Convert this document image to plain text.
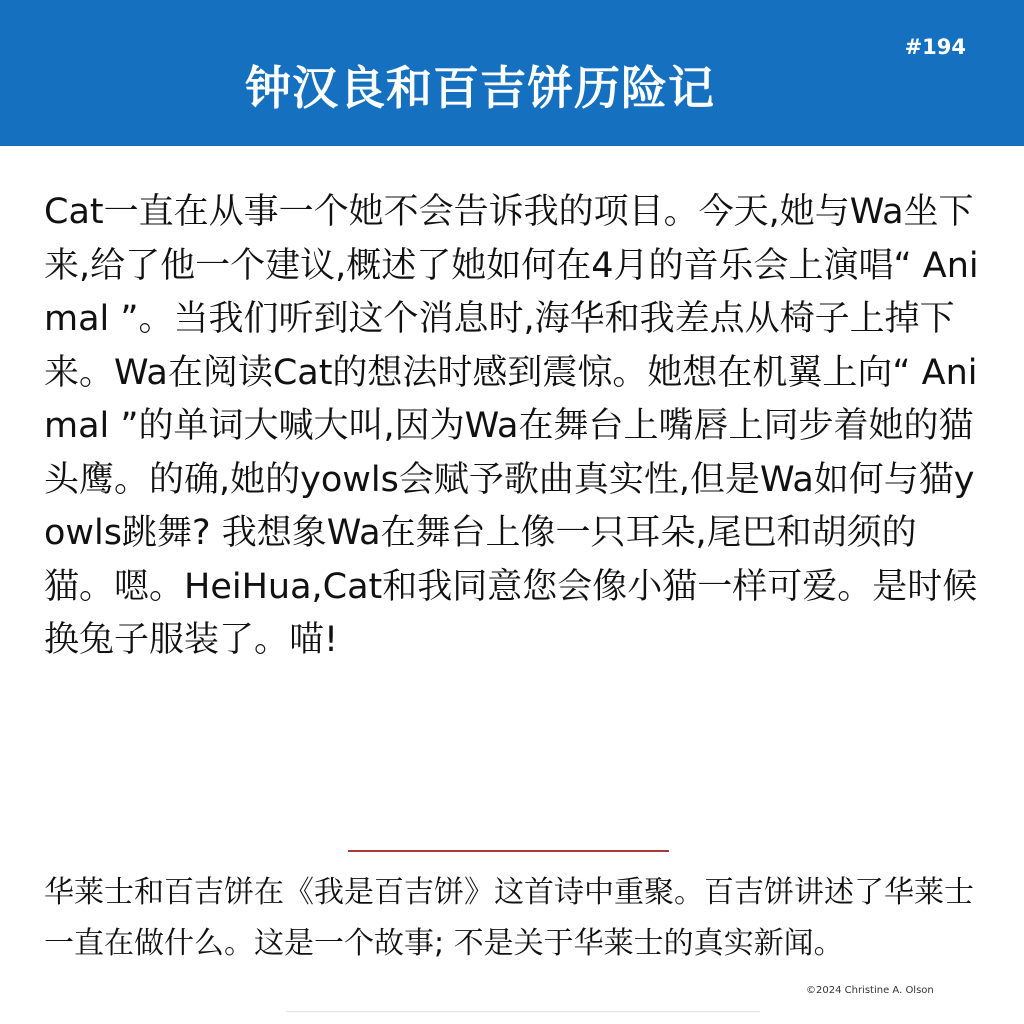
钟汉良和百吉饼历险记
#194
Cat一直在从事一个她不会告诉我的项目。今天,她与Wa坐下来,给了他一个建议,概述了她如何在4月的音乐会上演唱“ Animal ”。当我们听到这个消息时,海华和我差点从椅子上掉下来。Wa在阅读Cat的想法时感到震惊。她想在机翼上向“ Animal ”的单词大喊大叫,因为Wa在舞台上嘴唇上同步着她的猫头鹰。的确,她的yowls会赋予歌曲真实性,但是Wa如何与猫yowls跳舞? 我想象Wa在舞台上像一只耳朵,尾巴和胡须的猫。嗯。HeiHua,Cat和我同意您会像小猫一样可爱。是时候换兔子服装了。喵!
华莱士和百吉饼在《我是百吉饼》这首诗中重聚。百吉饼讲述了华莱士一直在做什么。这是一个故事; 不是关于华莱士的真实新闻。
©2024 Christine A. Olson
